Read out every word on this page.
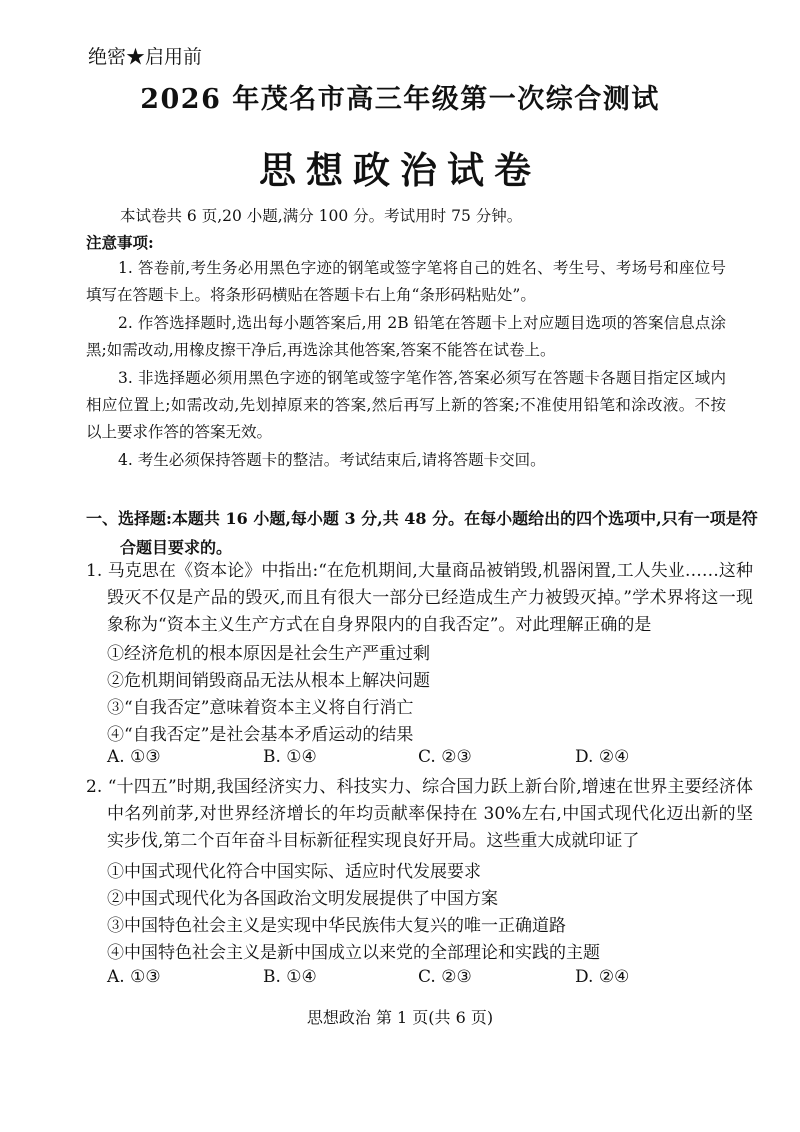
绝密★启用前
2026 年茂名市高三年级第一次综合测试
思想政治试卷
本试卷共 6 页,20 小题,满分 100 分。考试用时 75 分钟。
注意事项:
1. 答卷前,考生务必用黑色字迹的钢笔或签字笔将自己的姓名、考生号、考场号和座位号填写在答题卡上。将条形码横贴在答题卡右上角“条形码粘贴处”。
2. 作答选择题时,选出每小题答案后,用 2B 铅笔在答题卡上对应题目选项的答案信息点涂黑;如需改动,用橡皮擦干净后,再选涂其他答案,答案不能答在试卷上。
3. 非选择题必须用黑色字迹的钢笔或签字笔作答,答案必须写在答题卡各题目指定区域内相应位置上;如需改动,先划掉原来的答案,然后再写上新的答案;不准使用铅笔和涂改液。不按以上要求作答的答案无效。
4. 考生必须保持答题卡的整洁。考试结束后,请将答题卡交回。
一、选择题:本题共 16 小题,每小题 3 分,共 48 分。在每小题给出的四个选项中,只有一项是符合题目要求的。
1. 马克思在《资本论》中指出:“在危机期间,大量商品被销毁,机器闲置,工人失业……这种毁灭不仅是产品的毁灭,而且有很大一部分已经造成生产力被毁灭掉。”学术界将这一现象称为“资本主义生产方式在自身界限内的自我否定”。对此理解正确的是
①经济危机的根本原因是社会生产严重过剩
②危机期间销毁商品无法从根本上解决问题
③“自我否定”意味着资本主义将自行消亡
④“自我否定”是社会基本矛盾运动的结果
A. ①③	B. ①④	C. ②③	D. ②④
2. “十四五”时期,我国经济实力、科技实力、综合国力跃上新台阶,增速在世界主要经济体中名列前茅,对世界经济增长的年均贡献率保持在 30%左右,中国式现代化迈出新的坚实步伐,第二个百年奋斗目标新征程实现良好开局。这些重大成就印证了
①中国式现代化符合中国实际、适应时代发展要求
②中国式现代化为各国政治文明发展提供了中国方案
③中国特色社会主义是实现中华民族伟大复兴的唯一正确道路
④中国特色社会主义是新中国成立以来党的全部理论和实践的主题
A. ①③	B. ①④	C. ②③	D. ②④
思想政治 第 1 页(共 6 页)
